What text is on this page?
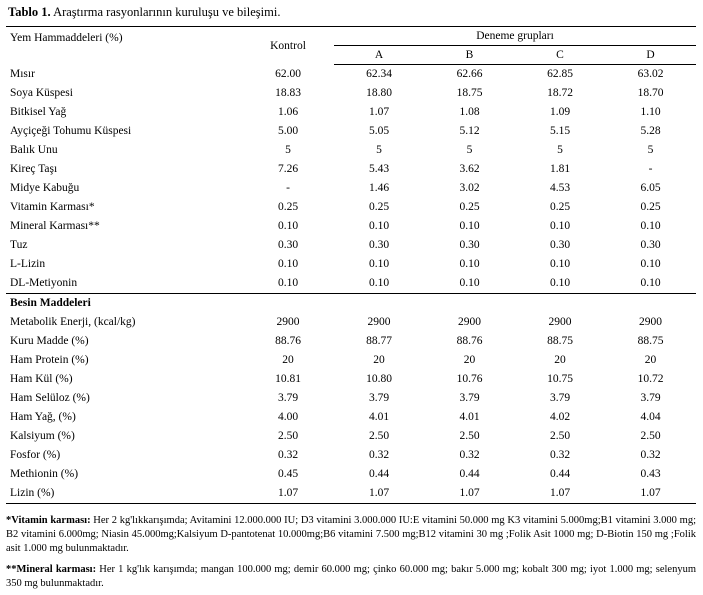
Tablo 1. Araştırma rasyonlarının kuruluşu ve bileşimi.
Yem Hammaddeleri (%)	Kontrol	Deneme grupları			
		A	B	C	D
Mısır	62.00	62.34	62.66	62.85	63.02
Soya Küspesi	18.83	18.80	18.75	18.72	18.70
Bitkisel Yağ	1.06	1.07	1.08	1.09	1.10
Ayçiçeği Tohumu Küspesi	5.00	5.05	5.12	5.15	5.28
Balık Unu	5	5	5	5	5
Kireç Taşı	7.26	5.43	3.62	1.81	-
Midye Kabuğu	-	1.46	3.02	4.53	6.05
Vitamin Karması*	0.25	0.25	0.25	0.25	0.25
Mineral Karması**	0.10	0.10	0.10	0.10	0.10
Tuz	0.30	0.30	0.30	0.30	0.30
L-Lizin	0.10	0.10	0.10	0.10	0.10
DL-Metiyonin	0.10	0.10	0.10	0.10	0.10
Besin Maddeleri					
Metabolik Enerji, (kcal/kg)	2900	2900	2900	2900	2900
Kuru Madde (%)	88.76	88.77	88.76	88.75	88.75
Ham Protein (%)	20	20	20	20	20
Ham Kül (%)	10.81	10.80	10.76	10.75	10.72
Ham Selüloz (%)	3.79	3.79	3.79	3.79	3.79
Ham Yağ, (%)	4.00	4.01	4.01	4.02	4.04
Kalsiyum (%)	2.50	2.50	2.50	2.50	2.50
Fosfor (%)	0.32	0.32	0.32	0.32	0.32
Methionin (%)	0.45	0.44	0.44	0.44	0.43
Lizin (%)	1.07	1.07	1.07	1.07	1.07
*Vitamin karması: Her 2 kg'lıkkarışımda; Avitamini 12.000.000 IU; D3 vitamini 3.000.000 IU:E vitamini 50.000 mg K3 vitamini 5.000mg;B1 vitamini 3.000 mg; B2 vitamini 6.000mg; Niasin 45.000mg;Kalsiyum D-pantotenat 10.000mg;B6 vitamini 7.500 mg;B12 vitamini 30 mg ;Folik Asit 1000 mg; D-Biotin 150 mg ;Folik asit 1.000 mg bulunmaktadır.
**Mineral karması: Her 1 kg'lık karışımda; mangan 100.000 mg; demir 60.000 mg; çinko 60.000 mg; bakır 5.000 mg; kobalt 300 mg; iyot 1.000 mg; selenyum 350 mg bulunmaktadır.
